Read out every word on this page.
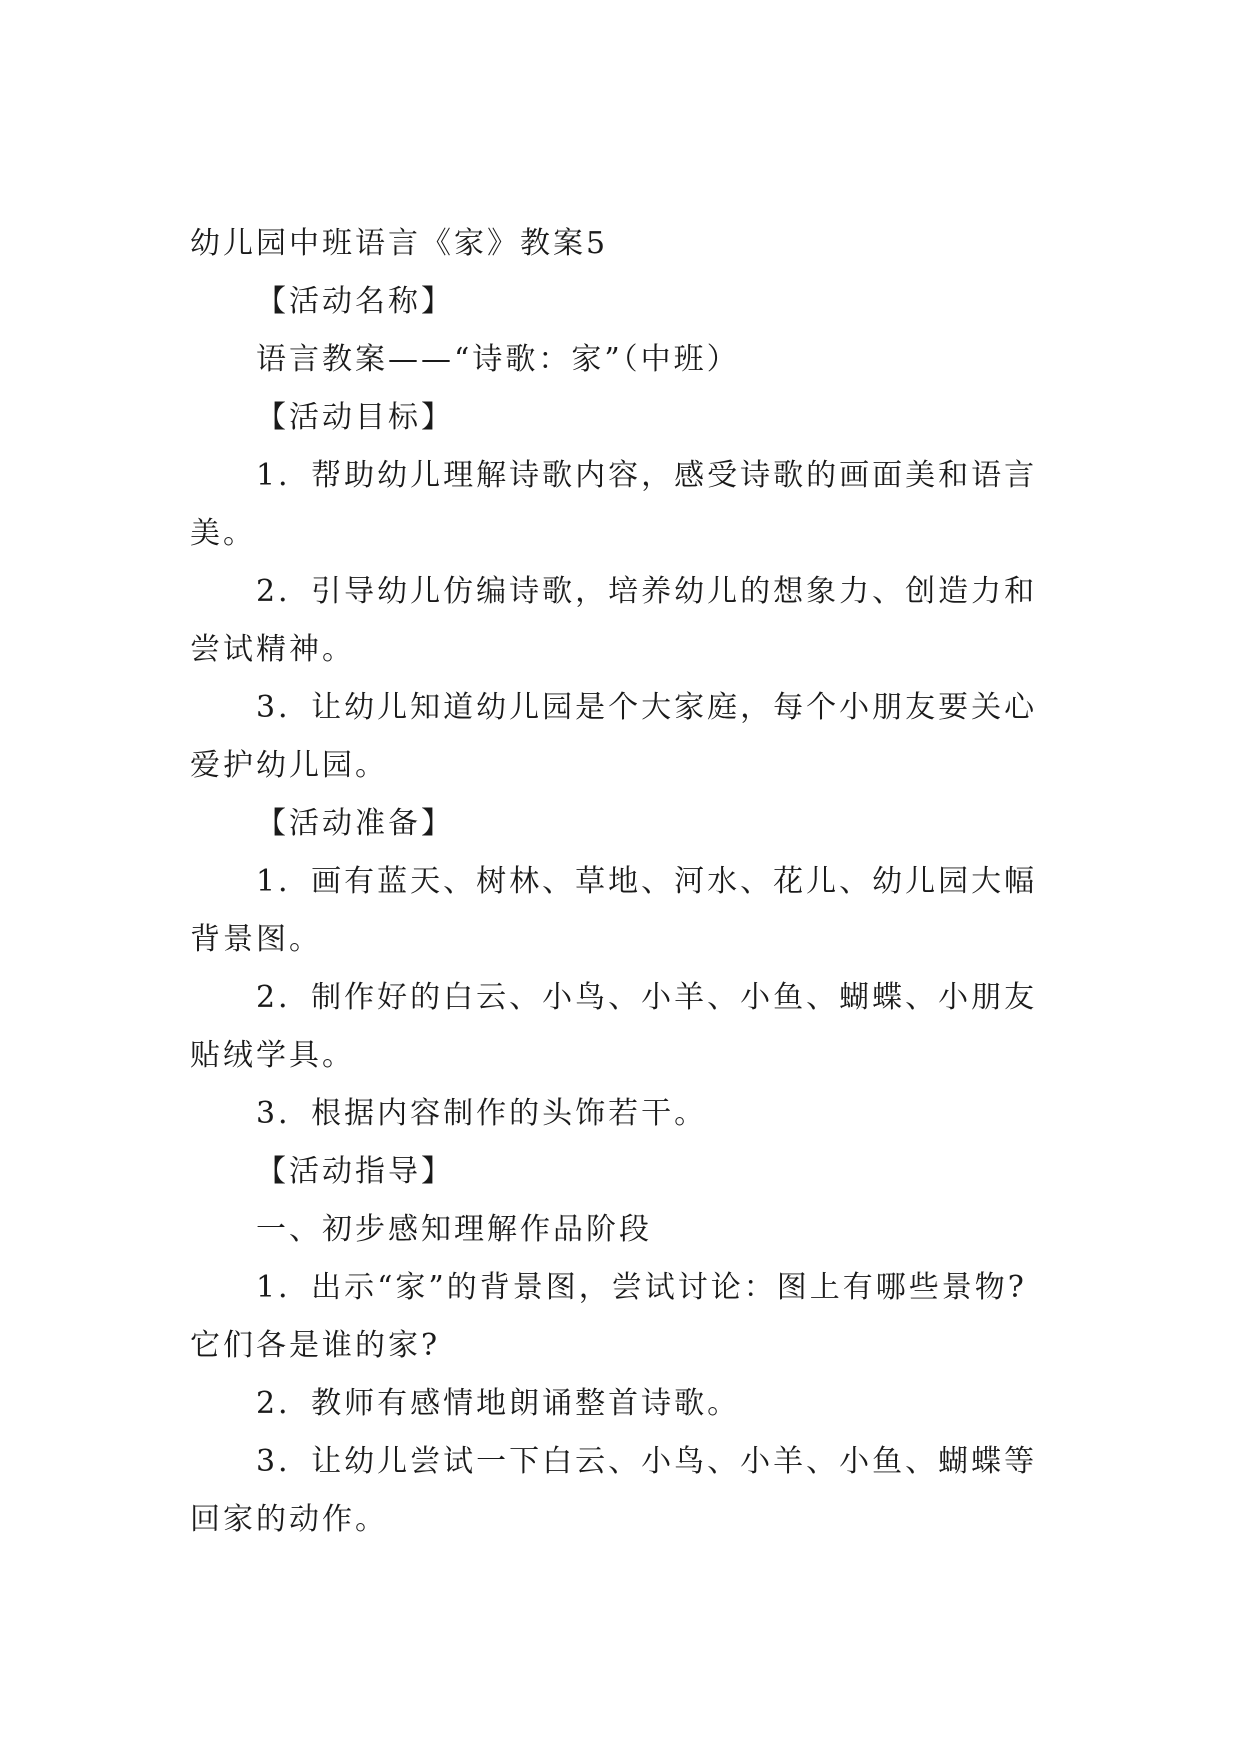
幼儿园中班语言《家》教案5
【活动名称】
语言教案——“诗歌：家”（中班）
【活动目标】
1．帮助幼儿理解诗歌内容，感受诗歌的画面美和语言
美。
2．引导幼儿仿编诗歌，培养幼儿的想象力、创造力和
尝试精神。
3．让幼儿知道幼儿园是个大家庭，每个小朋友要关心
爱护幼儿园。
【活动准备】
1．画有蓝天、树林、草地、河水、花儿、幼儿园大幅
背景图。
2．制作好的白云、小鸟、小羊、小鱼、蝴蝶、小朋友
贴绒学具。
3．根据内容制作的头饰若干。
【活动指导】
一、初步感知理解作品阶段
1．出示“家”的背景图，尝试讨论：图上有哪些景物?
它们各是谁的家?
2．教师有感情地朗诵整首诗歌。
3．让幼儿尝试一下白云、小鸟、小羊、小鱼、蝴蝶等
回家的动作。
